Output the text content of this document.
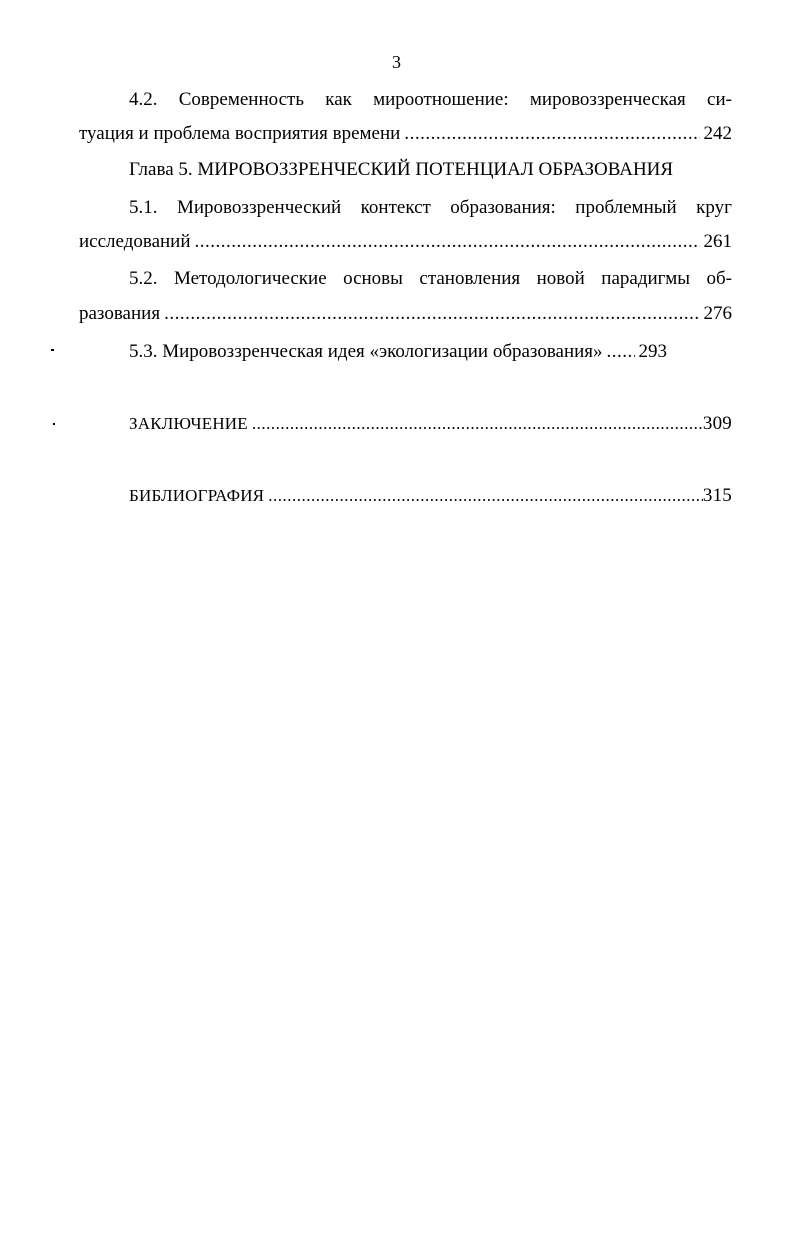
3
4.2. Современность как мироотношение: мировоззренческая си-
туация и проблема восприятия времени .....	242
Глава 5. МИРОВОЗЗРЕНЧЕСКИЙ ПОТЕНЦИАЛ ОБРАЗОВАНИЯ
5.1. Мировоззренческий контекст образования: проблемный круг
исследований .....	261
5.2. Методологические основы становления новой парадигмы об-
разования .....	276
5.3. Мировоззренческая идея «экологизации образования» ..... 293
ЗАКЛЮЧЕНИЕ .....	309
БИБЛИОГРАФИЯ .....	315
